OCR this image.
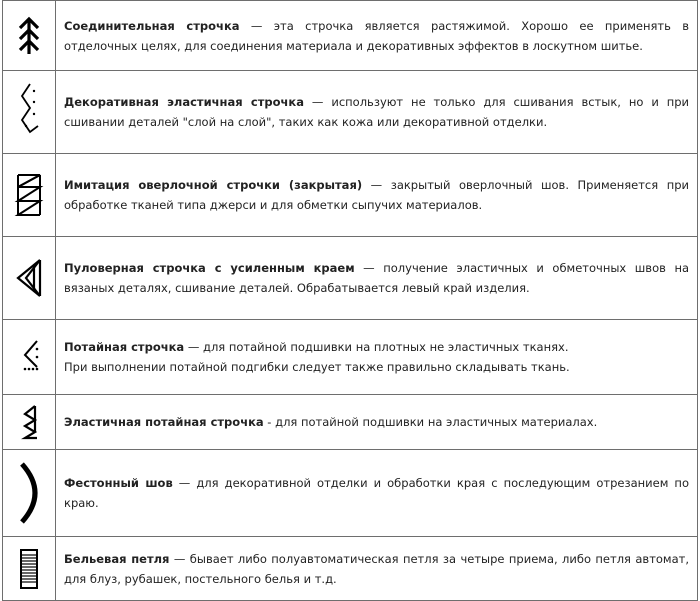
	Соединительная строчка — эта строчка является растяжимой. Хорошо ее применять в отделочных целях, для соединения материала и декоративных эффектов в лоскутном шитье.

	Декоративная эластичная строчка — используют не только для сшивания встык, но и при сшивании деталей "слой на слой", таких как кожа или декоративной отделки.

	Имитация оверлочной строчки (закрытая) — закрытый оверлочный шов. Применяется при обработке тканей типа джерси и для обметки сыпучих материалов.

	Пуловерная строчка с усиленным краем — получение эластичных и обметочных швов на вязаных деталях, сшивание деталей. Обрабатывается левый край изделия.

	Потайная строчка — для потайной подшивки на плотных не эластичных тканях.
При выполнении потайной подгибки следует также правильно складывать ткань.

	Эластичная потайная строчка - для потайной подшивки на эластичных материалах.

	Фестонный шов — для декоративной отделки и обработки края с последующим отрезанием по краю.

	Бельевая петля — бывает либо полуавтоматическая петля за четыре приема, либо петля автомат, для блуз, рубашек, постельного белья и т.д.
